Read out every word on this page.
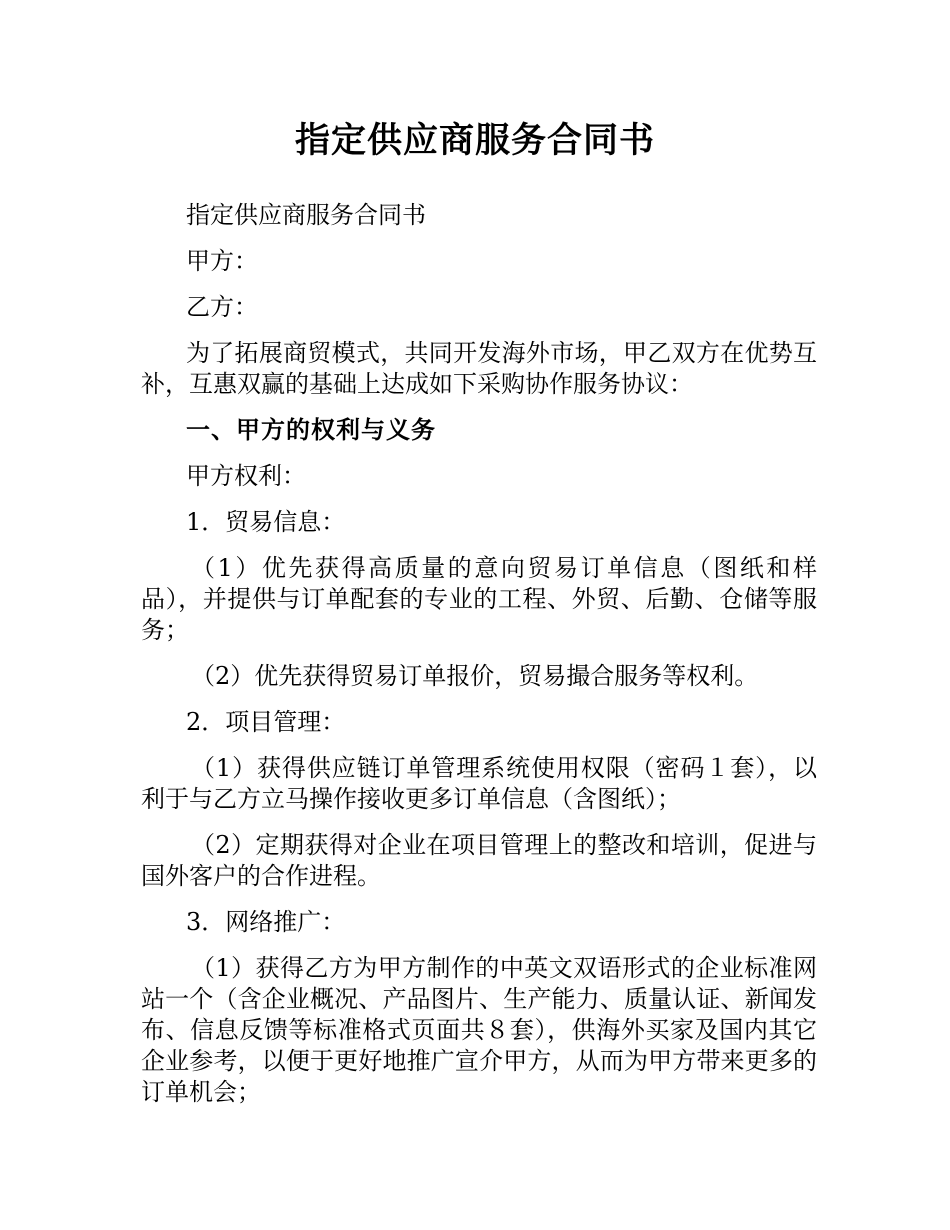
指定供应商服务合同书

指定供应商服务合同书

甲方：

乙方：

为了拓展商贸模式，共同开发海外市场，甲乙双方在优势互补，互惠双赢的基础上达成如下采购协作服务协议：

一、甲方的权利与义务

甲方权利：

1．贸易信息：

（1）优先获得高质量的意向贸易订单信息（图纸和样品），并提供与订单配套的专业的工程、外贸、后勤、仓储等服务；

（2）优先获得贸易订单报价，贸易撮合服务等权利。

2．项目管理：

（1）获得供应链订单管理系统使用权限（密码１套），以利于与乙方立马操作接收更多订单信息（含图纸）；

（2）定期获得对企业在项目管理上的整改和培训，促进与国外客户的合作进程。

3．网络推广：

（1）获得乙方为甲方制作的中英文双语形式的企业标准网站一个（含企业概况、产品图片、生产能力、质量认证、新闻发布、信息反馈等标准格式页面共８套），供海外买家及国内其它企业参考，以便于更好地推广宣介甲方，从而为甲方带来更多的订单机会；
